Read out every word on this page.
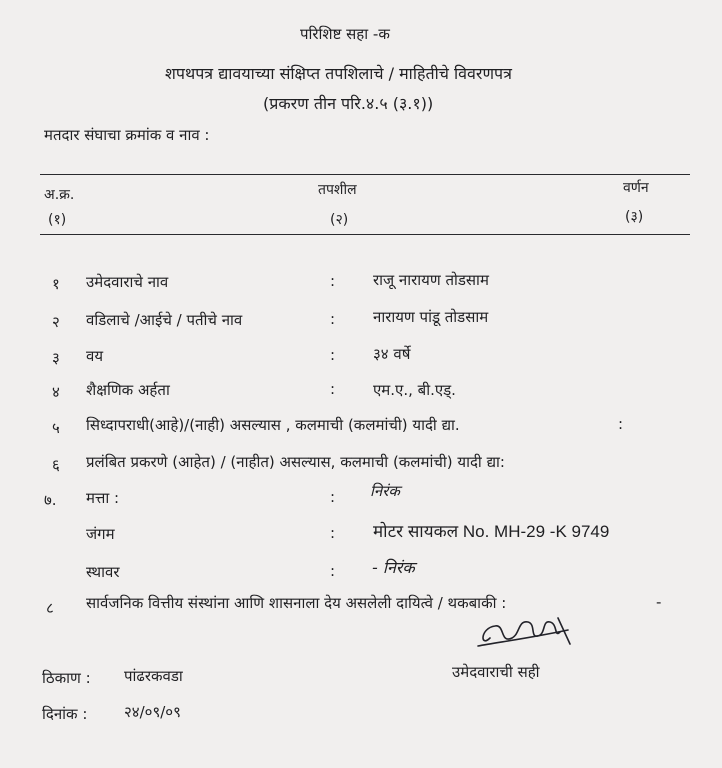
परिशिष्ट सहा -क
शपथपत्र द्यावयाच्या संक्षिप्त तपशिलाचे / माहितीचे विवरणपत्र
(प्रकरण तीन परि.४.५ (३.१))
मतदार संघाचा क्रमांक व नाव :
अ.क्र.	तपशील	वर्णन
(१)	(२)	(३)
१ उमेदवाराचे नाव	:	राजू नारायण तोडसाम
२ वडिलाचे /आईचे / पतीचे नाव	:	नारायण पांडू तोडसाम
३ वय	:	३४ वर्षे
४ शैक्षणिक अर्हता	:	एम.ए., बी.एड्.
५ सिध्दापराधी(आहे)/(नाही) असल्यास , कलमाची (कलमांची) यादी द्या.	:
६ प्रलंबित प्रकरणे (आहेत) / (नाहीत) असल्यास, कलमाची (कलमांची) यादी द्या:
७. मत्ता :	: निरंक
जंगम	: मोटर सायकल No. MH-29 -K 9749
स्थावर	: - निरंक
८ सार्वजनिक वित्तीय संस्थांना आणि शासनाला देय असलेली दायित्वे / थकबाकी :	-
उमेदवाराची सही
ठिकाण : पांढरकवडा
दिनांक : २४/०९/०९
